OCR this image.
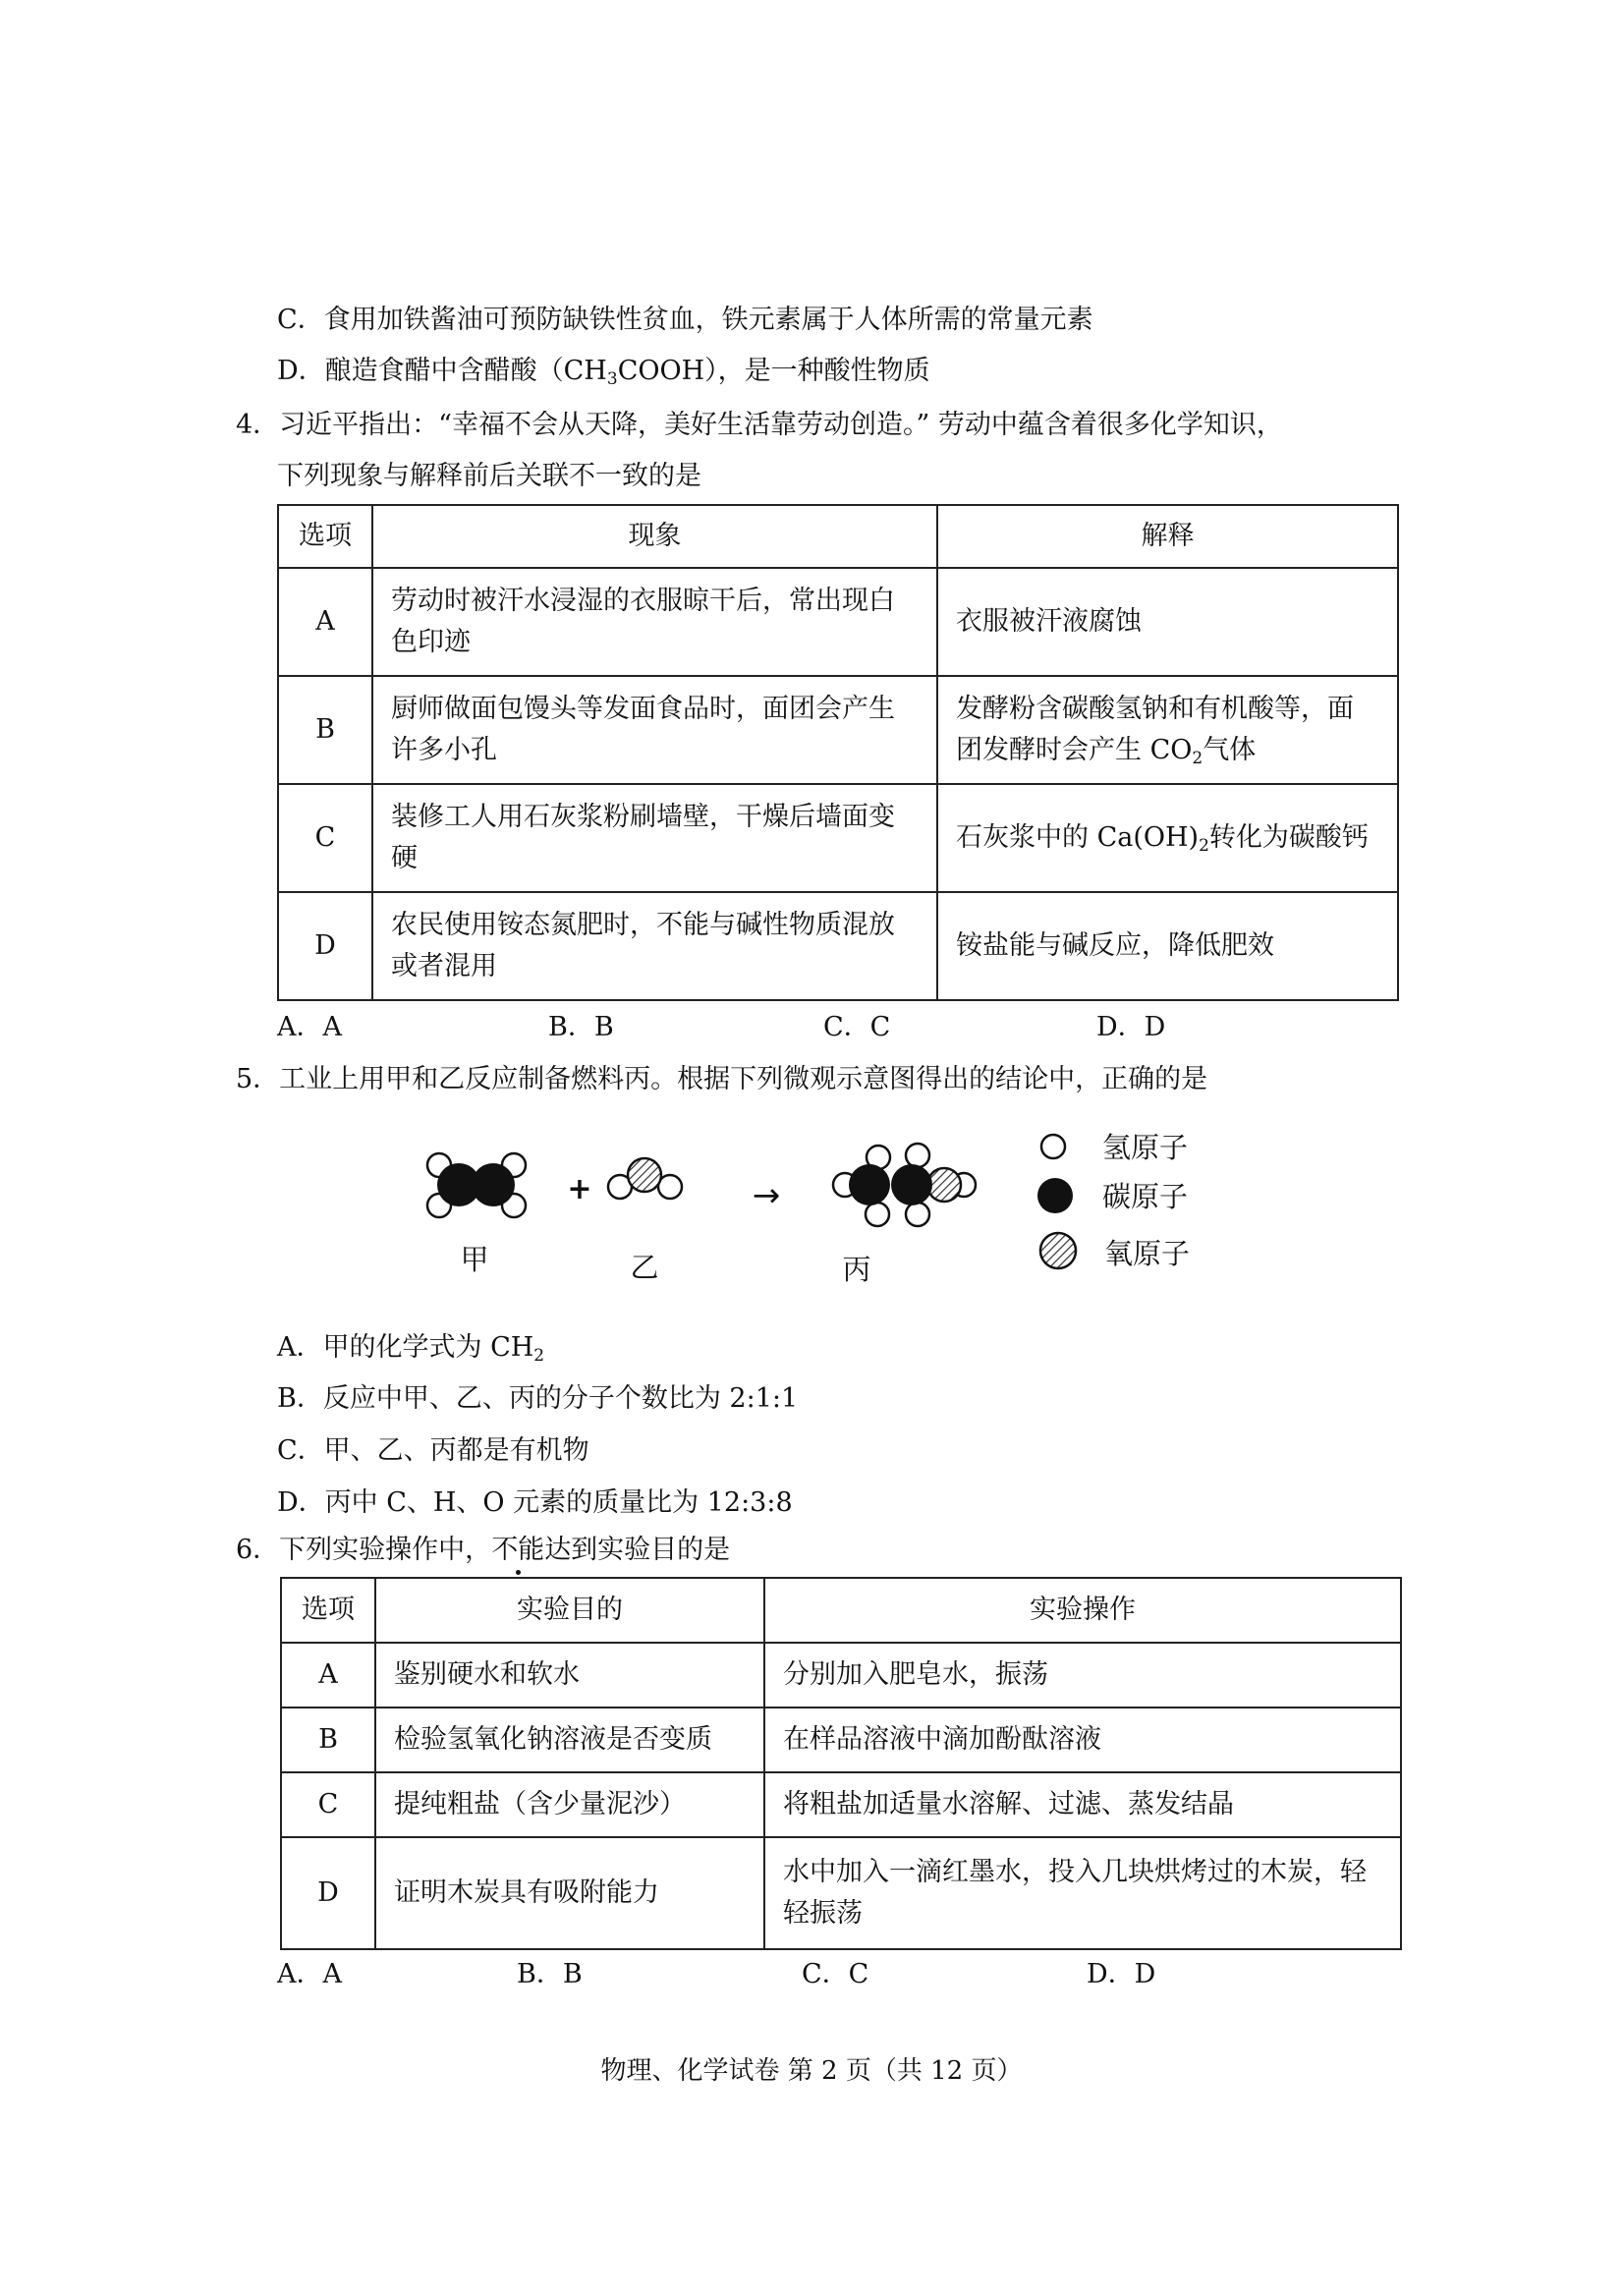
C．食用加铁酱油可预防缺铁性贫血，铁元素属于人体所需的常量元素
D．酿造食醋中含醋酸$(CH_3COOH)$，是一种酸性物质
4．习近平指出：“幸福不会从天降，美好生活靠劳动创造。” 劳动中蕴含着很多化学知识，
下列现象与解释前后关联不一致的是
选项	现象	解释
A	劳动时被汗水浸湿的衣服晾干后，常出现白色印迹	衣服被汗液腐蚀
B	厨师做面包馒头等发面食品时，面团会产生许多小孔	发酵粉含碳酸氢钠和有机酸等，面团发酵时会产生 $CO_2$气体
C	装修工人用石灰浆粉刷墙壁，干燥后墙面变硬	石灰浆中的 $Ca(OH)_2$转化为碳酸钙
D	农民使用铵态氮肥时，不能与碱性物质混放或者混用	铵盐能与碱反应，降低肥效
A．A	B．B	C．C	D．D
5．工业上用甲和乙反应制备燃料丙。根据下列微观示意图得出的结论中，正确的是
甲
+
乙
→
丙
氢原子
碳原子
氧原子
A．甲的化学式为 $CH_2$
B．反应中甲、乙、丙的分子个数比为 2:1:1
C．甲、乙、丙都是有机物
D．丙中 C、H、O 元素的质量比为 12:3:8
6．下列实验操作中，不能达到实验目的是
选项	实验目的	实验操作
A	鉴别硬水和软水	分别加入肥皂水，振荡
B	检验氢氧化钠溶液是否变质	在样品溶液中滴加酚酞溶液
C	提纯粗盐（含少量泥沙）	将粗盐加适量水溶解、过滤、蒸发结晶
D	证明木炭具有吸附能力	水中加入一滴红墨水，投入几块烘烤过的木炭，轻轻振荡
A．A	B．B	C．C	D．D
物理、化学试卷 第 2 页（共 12 页）
